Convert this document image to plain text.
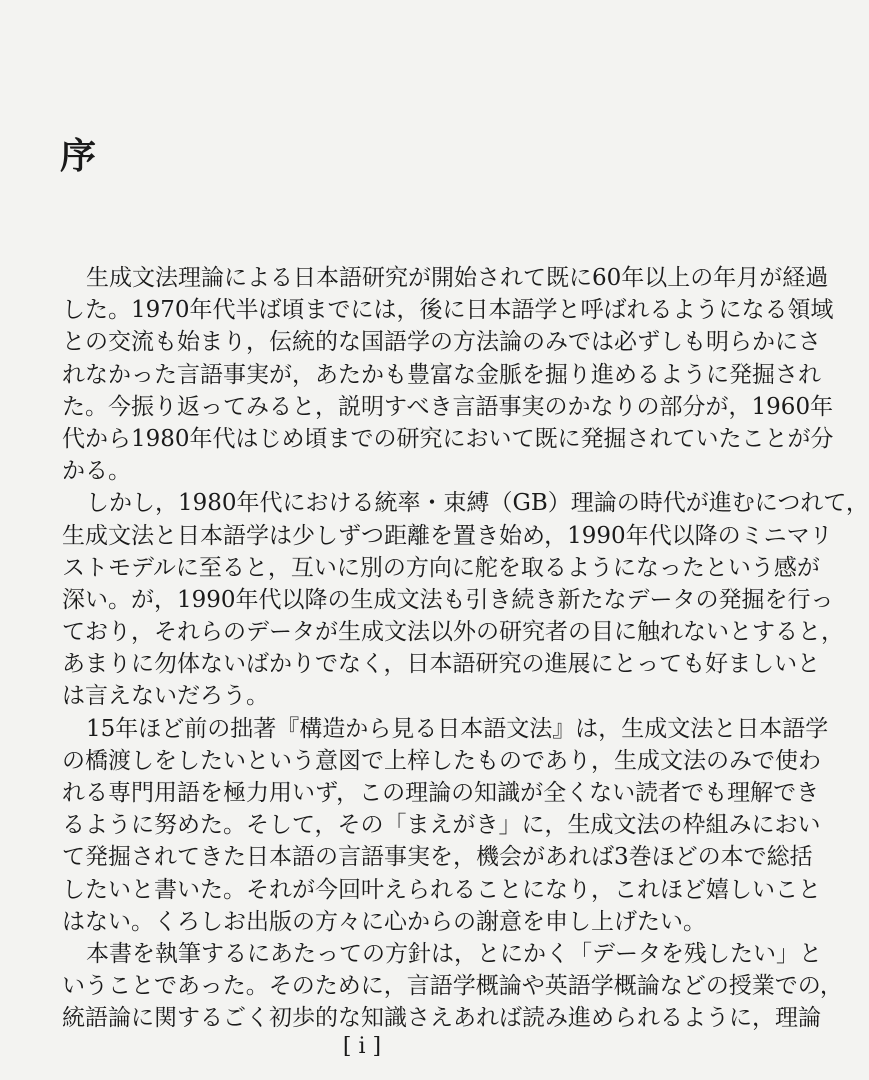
序
生成文法理論による日本語研究が開始されて既に60年以上の年月が経過
した。1970年代半ば頃までには，後に日本語学と呼ばれるようになる領域
との交流も始まり，伝統的な国語学の方法論のみでは必ずしも明らかにさ
れなかった言語事実が，あたかも豊富な金脈を掘り進めるように発掘され
た。今振り返ってみると，説明すべき言語事実のかなりの部分が，1960年
代から1980年代はじめ頃までの研究において既に発掘されていたことが分
かる。
しかし，1980年代における統率・束縛（GB）理論の時代が進むにつれて，
生成文法と日本語学は少しずつ距離を置き始め，1990年代以降のミニマリ
ストモデルに至ると，互いに別の方向に舵を取るようになったという感が
深い。が，1990年代以降の生成文法も引き続き新たなデータの発掘を行っ
ており，それらのデータが生成文法以外の研究者の目に触れないとすると，
あまりに勿体ないばかりでなく，日本語研究の進展にとっても好ましいと
は言えないだろう。
15年ほど前の拙著『構造から見る日本語文法』は，生成文法と日本語学
の橋渡しをしたいという意図で上梓したものであり，生成文法のみで使わ
れる専門用語を極力用いず，この理論の知識が全くない読者でも理解でき
るように努めた。そして，その「まえがき」に，生成文法の枠組みにおい
て発掘されてきた日本語の言語事実を，機会があれば3巻ほどの本で総括
したいと書いた。それが今回叶えられることになり，これほど嬉しいこと
はない。くろしお出版の方々に心からの謝意を申し上げたい。
本書を執筆するにあたっての方針は，とにかく「データを残したい」と
いうことであった。そのために，言語学概論や英語学概論などの授業での，
統語論に関するごく初歩的な知識さえあれば読み進められるように，理論
[ i ]
